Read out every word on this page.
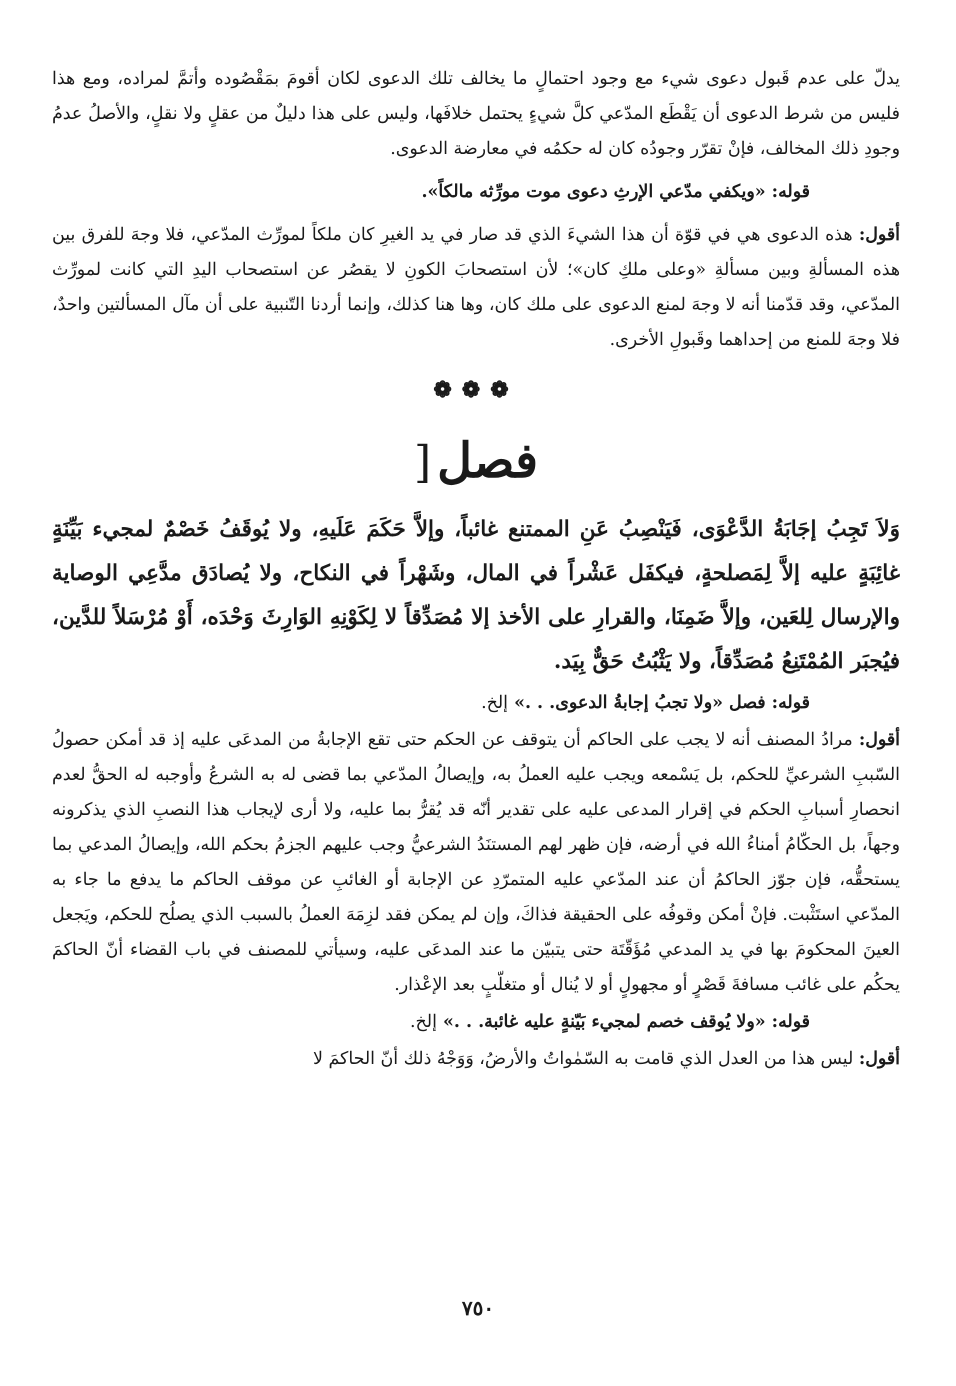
يدلّ على عدم قَبول دعوى شيء مع وجود احتمالٍ ما يخالف تلك الدعوى لكان أقومَ بمَقْصُوده وأتمَّ لمراده، ومع هذا فليس من شرط الدعوى أن يَقْطَع المدّعي كلَّ شيءٍ يحتمل خلافَها، وليس على هذا دليلٌ من عقلٍ ولا نقلٍ، والأصلُ عدمُ وجودِ ذلك المخالف، فإنْ تقرّر وجودُه كان له حكمُه في معارضة الدعوى.

قوله: «ويكفي مدّعي الإرثِ دعوى موت مورِّثه مالكاً».

أقول: هذه الدعوى هي في قوّة أن هذا الشيءَ الذي قد صار في يد الغيرِ كان ملكاً لمورِّث المدّعي، فلا وجهَ للفرق بين هذه المسألةِ وبين مسألةِ «وعلى ملكِ كان»؛ لأن استصحابَ الكونِ لا يقصُر عن استصحاب اليدِ التي كانت لمورِّث المدّعي، وقد قدّمنا أنه لا وجهَ لمنع الدعوى على ملك كان، وها هنا كذلك، وإنما أردنا التّنبية على أن مآل المسألتين واحدٌ، فلا وجهَ للمنع من إحداهما وقَبولِ الأخرى.

❁❁❁
فصل[

وَلاَ تَجِبُ إجَابَةُ الدَّعْوَى، فَيَنْصِبُ عَنِ الممتنع غائباً، وإلاَّ حَكَمَ عَلَيهِ، ولا يُوقَفُ خَصْمٌ لمجيء بَيِّنَةٍ غائِبَةٍ عليه إلاَّ لِمَصلحةٍ، فيكفَل عَشْراً في المال، وشَهْراً في النكاح، ولا يُصادَق مدَّعِي الوصاية والإرسال لِلعَين، وإلاَّ ضَمِنَا، والقرارِ على الأخذ إلا مُصَدِّقاً لا لِكَوْنِهِ الوَارِثَ وَحْدَه، أَوْ مُرْسَلاً للدَّين، فيُجبَر المُمْتَنِعُ مُصَدِّقاً، ولا يَثْبُتُ حَقٌّ بِيَد.

قوله: فصل «ولا تجبُ إجابةُ الدعوى. . .» إلخ.

أقول: مرادُ المصنف أنه لا يجب على الحاكم أن يتوقف عن الحكم حتى تقع الإجابةُ من المدعَى عليه إذ قد أمكن حصولُ السّببِ الشرعيِّ للحكم، بل يَسْمعه ويجب عليه العملُ به، وإيصالُ المدّعي بما قضى له به الشرعُ وأوجبه له الحقُّ لعدم انحصارِ أسبابِ الحكم في إقرار المدعى عليه على تقدير أنّه قد يُقرُّ بما عليه، ولا أرى لإيجاب هذا النصبِ الذي يذكرونه وجهاً، بل الحكّامُ أمناءُ الله في أرضه، فإن ظهر لهم المستنَدُ الشرعيُّ وجب عليهم الجزمُ بحكم الله، وإيصالُ المدعي بما يستحقُّه، فإن جوّز الحاكمُ أن عند المدّعي عليه المتمرّدِ عن الإجابة أو الغائبِ عن موقف الحاكم ما يدفع ما جاء به المدّعي استَثْبت. فإنْ أمكن وقوفُه على الحقيقة فذاكَ، وإن لم يمكن فقد لزِمَهَ العملُ بالسبب الذي يصلُح للحكم، ويَجعل العينَ المحكومَ بها في يد المدعي مُؤَقّتَة حتى يتبيّن ما عند المدعَى عليه، وسيأتي للمصنف في باب القضاء أنّ الحاكمَ يحكُم على غائب مسافةَ قَصْرٍ أو مجهولٍ أو لا يُنال أو متغلّبٍ بعد الإعْذار.

قوله: «ولا يُوقف خصم لمجيء بَيّنةٍ عليه غائبة. . .» إلخ.

أقول: ليس هذا من العدل الذي قامت به السّمٰواتُ والأرضُ، وَوَجْهُ ذلك أنّ الحاكمَ لا

٧٥٠
